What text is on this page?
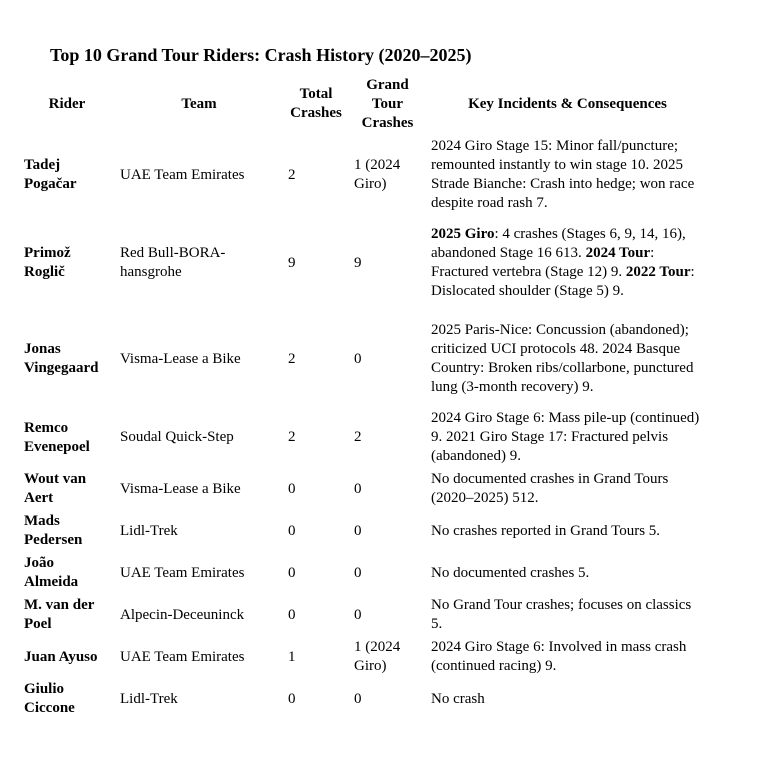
Top 10 Grand Tour Riders: Crash History (2020–2025)
Rider	Team	Total Crashes	Grand Tour Crashes	Key Incidents & Consequences
Tadej Pogačar	UAE Team Emirates	2	1 (2024 Giro)	2024 Giro Stage 15: Minor fall/puncture; remounted instantly to win stage 10. 2025 Strade Bianche: Crash into hedge; won race despite road rash 7.
Primož Roglič	Red Bull-BORA-hansgrohe	9	9	2025 Giro: 4 crashes (Stages 6, 9, 14, 16), abandoned Stage 16 613. 2024 Tour: Fractured vertebra (Stage 12) 9. 2022 Tour: Dislocated shoulder (Stage 5) 9.
Jonas Vingegaard	Visma-Lease a Bike	2	0	2025 Paris-Nice: Concussion (abandoned); criticized UCI protocols 48. 2024 Basque Country: Broken ribs/collarbone, punctured lung (3-month recovery) 9.
Remco Evenepoel	Soudal Quick-Step	2	2	2024 Giro Stage 6: Mass pile-up (continued) 9. 2021 Giro Stage 17: Fractured pelvis (abandoned) 9.
Wout van Aert	Visma-Lease a Bike	0	0	No documented crashes in Grand Tours (2020–2025) 512.
Mads Pedersen	Lidl-Trek	0	0	No crashes reported in Grand Tours 5.
João Almeida	UAE Team Emirates	0	0	No documented crashes 5.
M. van der Poel	Alpecin-Deceuninck	0	0	No Grand Tour crashes; focuses on classics 5.
Juan Ayuso	UAE Team Emirates	1	1 (2024 Giro)	2024 Giro Stage 6: Involved in mass crash (continued racing) 9.
Giulio Ciccone	Lidl-Trek	0	0	No crash
